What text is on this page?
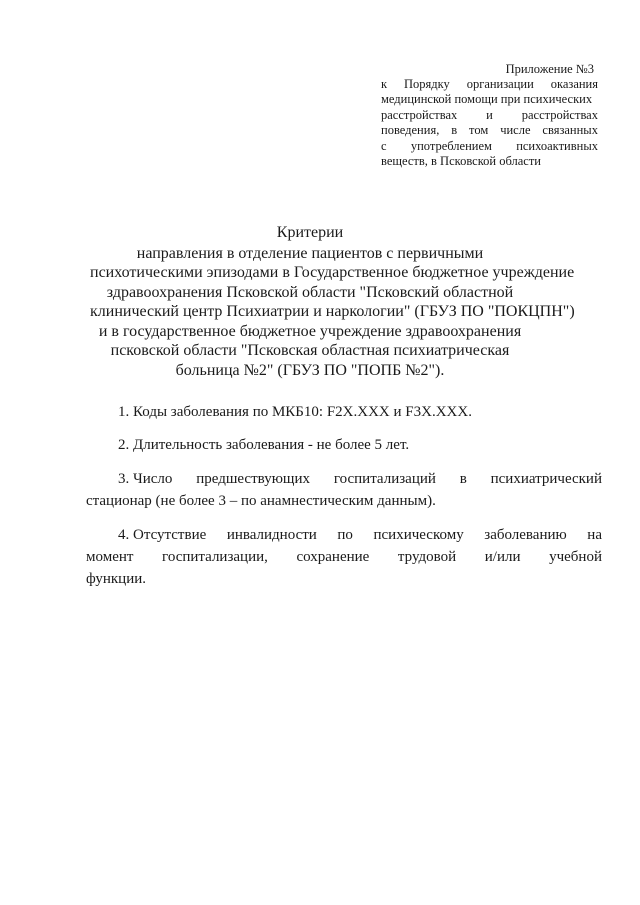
Приложение №3
к Порядку организации оказания
медицинской помощи при психических
расстройствах и расстройствах
поведения, в том числе связанных
с употреблением психоактивных
веществ, в Псковской области
Критерии
направления в отделение пациентов с первичными
психотическими эпизодами в Государственное бюджетное учреждение
здравоохранения Псковской области "Псковский областной
клинический центр Психиатрии и наркологии" (ГБУЗ ПО "ПОКЦПН")
и в государственное бюджетное учреждение здравоохранения
псковской области "Псковская областная психиатрическая
больница №2" (ГБУЗ ПО "ПОПБ №2").
1. Коды заболевания по МКБ10: F2X.XXX и F3X.XXX.
2. Длительность заболевания - не более 5 лет.
3. Число предшествующих госпитализаций в психиатрический
стационар (не более 3 – по анамнестическим данным).
4. Отсутствие инвалидности по психическому заболеванию на
момент госпитализации, сохранение трудовой и/или учебной
функции.
